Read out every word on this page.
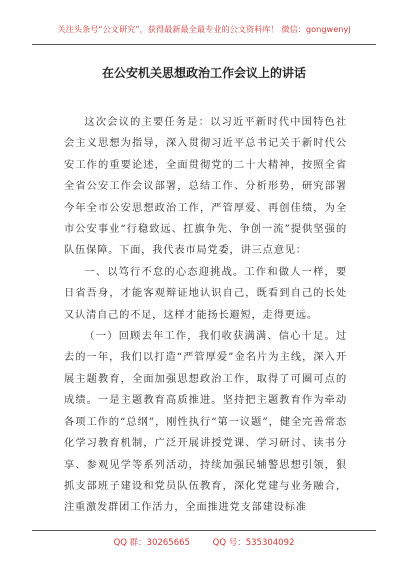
关注头条号“公文研究”，获得最新最全最专业的公文资料库！ 微信：gongwenyj
在公安机关思想政治工作会议上的讲话

这次会议的主要任务是：以习近平新时代中国特色社会主义思想为指导，深入贯彻习近平总书记关于新时代公安工作的重要论述，全面贯彻党的二十大精神，按照全省全省公安工作会议部署，总结工作、分析形势，研究部署今年全市公安思想政治工作，严管厚爱、再创佳绩，为全市公安事业“行稳致远、扛旗争先、争创一流”提供坚强的队伍保障。下面，我代表市局党委，讲三点意见：

一、以笃行不怠的心态迎挑战。工作和做人一样，要日省吾身，才能客观辩证地认识自己，既看到自己的长处又认清自己的不足，这样才能扬长避短，走得更远。

（一）回顾去年工作，我们收获满满、信心十足。过去的一年，我们以打造“严管厚爱”金名片为主线，深入开展主题教育，全面加强思想政治工作，取得了可圈可点的成绩。一是主题教育高质推进。坚持把主题教育作为牵动各项工作的“总纲”，刚性执行“第一议题”，健全完善常态化学习教育机制，广泛开展讲授党课、学习研讨、读书分享、参观见学等系列活动，持续加强民辅警思想引领，狠抓支部班子建设和党员队伍教育，深化党建与业务融合，注重激发群团工作活力，全面推进党支部建设标准

QQ 群：30265665	QQ 号：535304092
